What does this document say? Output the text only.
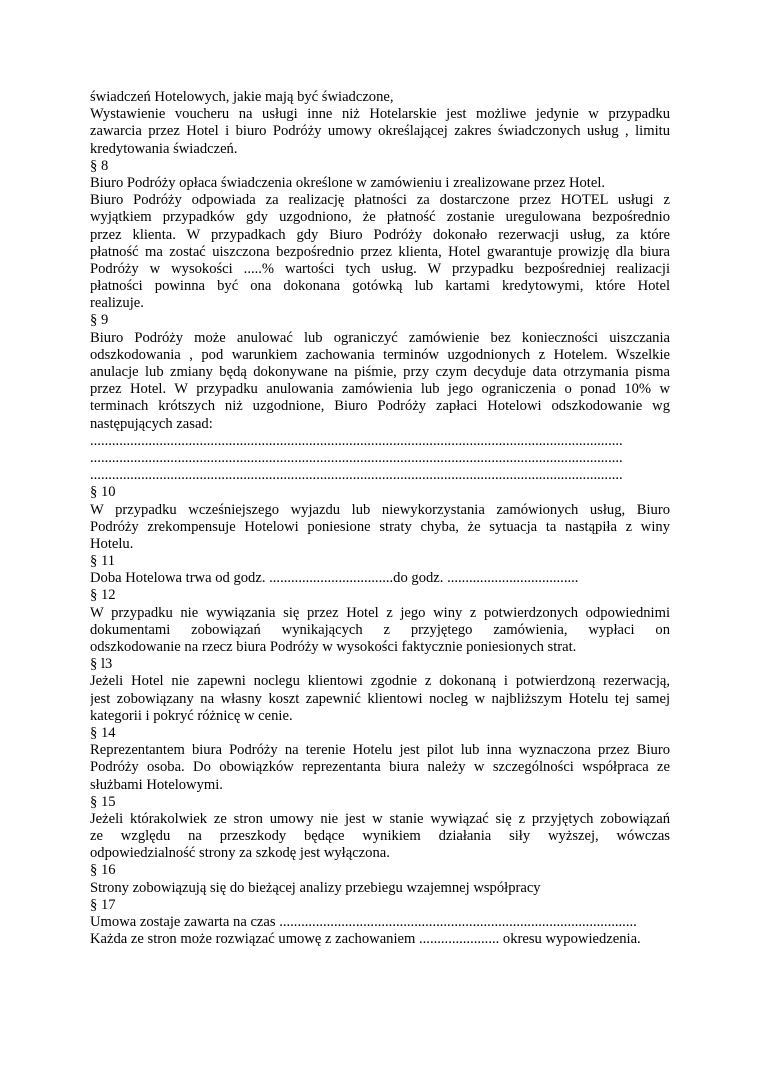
świadczeń Hotelowych, jakie mają być świadczone,
Wystawienie voucheru na usługi inne niż Hotelarskie jest możliwe jedynie w przypadku
zawarcia przez Hotel i biuro Podróży umowy określającej zakres świadczonych usług , limitu
kredytowania świadczeń.
§ 8
Biuro Podróży opłaca świadczenia określone w zamówieniu i zrealizowane przez Hotel.
Biuro Podróży odpowiada za realizację płatności za dostarczone przez HOTEL usługi z
wyjątkiem przypadków gdy uzgodniono, że płatność zostanie uregulowana bezpośrednio
przez klienta. W przypadkach gdy Biuro Podróży dokonało rezerwacji usług, za które
płatność ma zostać uiszczona bezpośrednio przez klienta, Hotel gwarantuje prowizję dla biura
Podróży w wysokości .....% wartości tych usług. W przypadku bezpośredniej realizacji
płatności powinna być ona dokonana gotówką lub kartami kredytowymi, które Hotel
realizuje.
§ 9
Biuro Podróży może anulować lub ograniczyć zamówienie bez konieczności uiszczania
odszkodowania , pod warunkiem zachowania terminów uzgodnionych z Hotelem. Wszelkie
anulacje lub zmiany będą dokonywane na piśmie, przy czym decyduje data otrzymania pisma
przez Hotel. W przypadku anulowania zamówienia lub jego ograniczenia o ponad 10% w
terminach krótszych niż uzgodnione, Biuro Podróży zapłaci Hotelowi odszkodowanie wg
następujących zasad:
..................................................................................................................................................
..................................................................................................................................................
..................................................................................................................................................
§ 10
W przypadku wcześniejszego wyjazdu lub niewykorzystania zamówionych usług, Biuro
Podróży zrekompensuje Hotelowi poniesione straty chyba, że sytuacja ta nastąpiła z winy
Hotelu.
§ 11
Doba Hotelowa trwa od godz. ..................................do godz. ....................................
§ 12
W przypadku nie wywiązania się przez Hotel z jego winy z potwierdzonych odpowiednimi
dokumentami zobowiązań wynikających z przyjętego zamówienia, wypłaci on
odszkodowanie na rzecz biura Podróży w wysokości faktycznie poniesionych strat.
§ l3
Jeżeli Hotel nie zapewni noclegu klientowi zgodnie z dokonaną i potwierdzoną rezerwacją,
jest zobowiązany na własny koszt zapewnić klientowi nocleg w najbliższym Hotelu tej samej
kategorii i pokryć różnicę w cenie.
§ 14
Reprezentantem biura Podróży na terenie Hotelu jest pilot lub inna wyznaczona przez Biuro
Podróży osoba. Do obowiązków reprezentanta biura należy w szczególności współpraca ze
służbami Hotelowymi.
§ 15
Jeżeli którakolwiek ze stron umowy nie jest w stanie wywiązać się z przyjętych zobowiązań
ze względu na przeszkody będące wynikiem działania siły wyższej, wówczas
odpowiedzialność strony za szkodę jest wyłączona.
§ 16
Strony zobowiązują się do bieżącej analizy przebiegu wzajemnej współpracy
§ 17
Umowa zostaje zawarta na czas ..................................................................................................
Każda ze stron może rozwiązać umowę z zachowaniem ...................... okresu wypowiedzenia.
